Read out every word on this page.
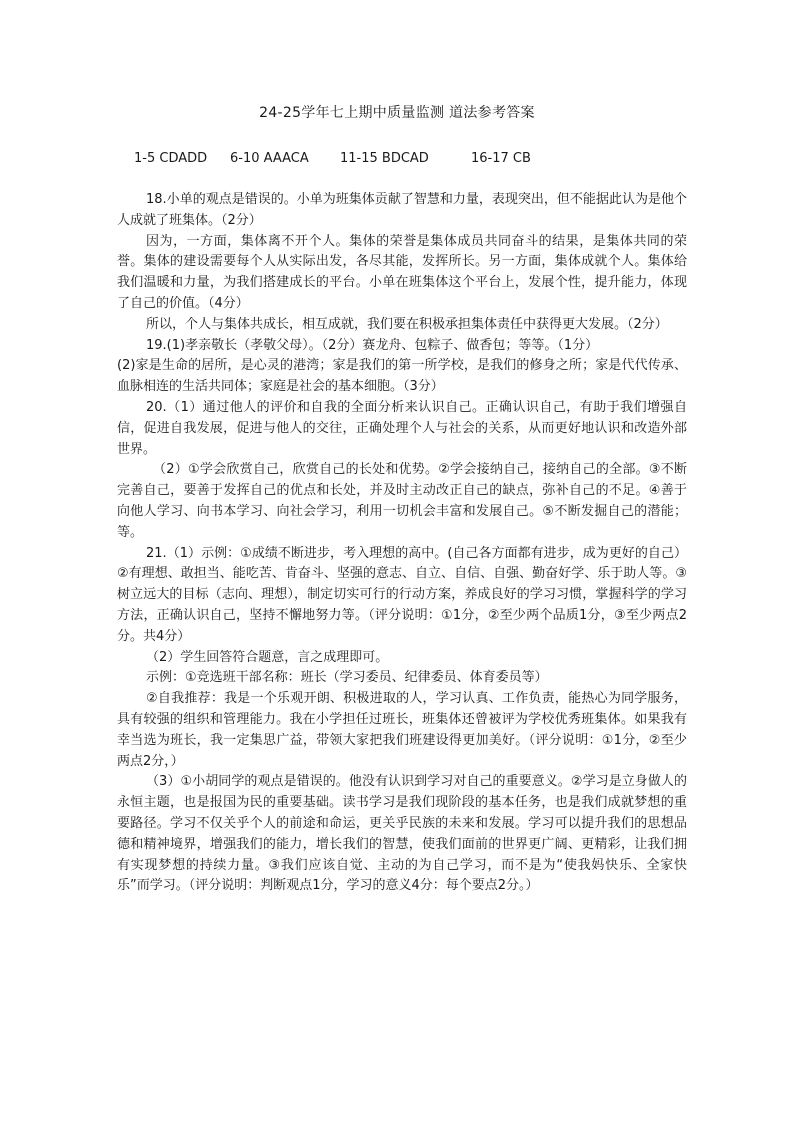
24-25学年七上期中质量监测 道法参考答案
1-5 CDADD 6-10 AAACA 11-15 BDCAD	16-17 CB

18.小单的观点是错误的。小单为班集体贡献了智慧和力量，表现突出，但不能据此认为是他个人成就了班集体。（2分）

因为，一方面，集体离不开个人。集体的荣誉是集体成员共同奋斗的结果，是集体共同的荣誉。集体的建设需要每个人从实际出发，各尽其能，发挥所长。另一方面，集体成就个人。集体给我们温暖和力量，为我们搭建成长的平台。小单在班集体这个平台上，发展个性，提升能力，体现了自己的价值。（4分）

所以，个人与集体共成长，相互成就，我们要在积极承担集体责任中获得更大发展。（2分）

19.(1)孝亲敬长（孝敬父母）。（2分）赛龙舟、包粽子、做香包；等等。（1分）

(2)家是生命的居所，是心灵的港湾；家是我们的第一所学校，是我们的修身之所；家是代代传承、血脉相连的生活共同体；家庭是社会的基本细胞。（3分）

20.（1）通过他人的评价和自我的全面分析来认识自己。正确认识自己，有助于我们增强自信，促进自我发展，促进与他人的交往，正确处理个人与社会的关系，从而更好地认识和改造外部世界。

（2）①学会欣赏自己，欣赏自己的长处和优势。②学会接纳自己，接纳自己的全部。③不断完善自己，要善于发挥自己的优点和长处，并及时主动改正自己的缺点，弥补自己的不足。④善于向他人学习、向书本学习、向社会学习，利用一切机会丰富和发展自己。⑤不断发掘自己的潜能；等。

21.（1）示例：①成绩不断进步，考入理想的高中。(自己各方面都有进步，成为更好的自己）②有理想、敢担当、能吃苦、肯奋斗、坚强的意志、自立、自信、自强、勤奋好学、乐于助人等。③树立远大的目标（志向、理想），制定切实可行的行动方案，养成良好的学习习惯，掌握科学的学习方法，正确认识自己，坚持不懈地努力等。（评分说明：①1分，②至少两个品质1分，③至少两点2分。共4分）

（2）学生回答符合题意，言之成理即可。

示例：①竞选班干部名称：班长（学习委员、纪律委员、体育委员等）

②自我推荐：我是一个乐观开朗、积极进取的人，学习认真、工作负责，能热心为同学服务，具有较强的组织和管理能力。我在小学担任过班长，班集体还曾被评为学校优秀班集体。如果我有幸当选为班长，我一定集思广益，带领大家把我们班建设得更加美好。（评分说明：①1分，②至少两点2分，）

（3）①小胡同学的观点是错误的。他没有认识到学习对自己的重要意义。②学习是立身做人的永恒主题，也是报国为民的重要基础。读书学习是我们现阶段的基本任务，也是我们成就梦想的重要路径。学习不仅关乎个人的前途和命运，更关乎民族的未来和发展。学习可以提升我们的思想品德和精神境界，增强我们的能力，增长我们的智慧，使我们面前的世界更广阔、更精彩，让我们拥有实现梦想的持续力量。③我们应该自觉、主动的为自己学习，而不是为“使我妈快乐、全家快乐”而学习。（评分说明：判断观点1分，学习的意义4分：每个要点2分。）
